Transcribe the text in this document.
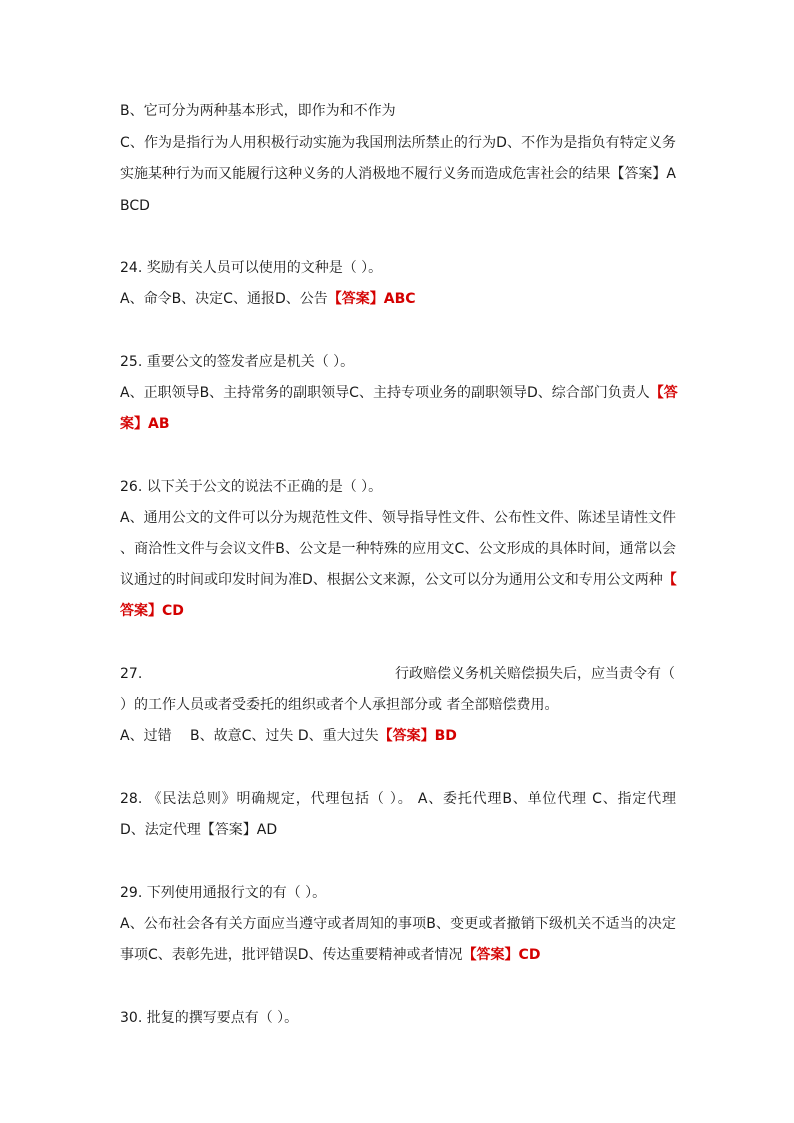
B、它可分为两种基本形式，即作为和不作为
C、作为是指行为人用积极行动实施为我国刑法所禁止的行为D、不作为是指负有特定义务
实施某种行为而又能履行这种义务的人消极地不履行义务而造成危害社会的结果【答案】A
BCD
24. 奖励有关人员可以使用的文种是（ ）。
A、命令B、决定C、通报D、公告【答案】ABC
25. 重要公文的签发者应是机关（ ）。
A、正职领导B、主持常务的副职领导C、主持专项业务的副职领导D、综合部门负责人【答
案】AB
26. 以下关于公文的说法不正确的是（ ）。
A、通用公文的文件可以分为规范性文件、领导指导性文件、公布性文件、陈述呈请性文件
、商洽性文件与会议文件B、公文是一种特殊的应用文C、公文形成的具体时间，通常以会
议通过的时间或印发时间为准D、根据公文来源，公文可以分为通用公文和专用公文两种【
答案】CD
27.	行政赔偿义务机关赔偿损失后，应当责令有（
）的工作人员或者受委托的组织或者个人承担部分或 者全部赔偿费用。
A、过错　 B、故意C、过失 D、重大过失【答案】BD
28. 《民法总则》明确规定，代理包括（ ）。 A、委托代理B、单位代理 C、指定代理
D、法定代理【答案】AD
29. 下列使用通报行文的有（ ）。
A、公布社会各有关方面应当遵守或者周知的事项B、变更或者撤销下级机关不适当的决定
事项C、表彰先进，批评错误D、传达重要精神或者情况【答案】CD
30. 批复的撰写要点有（ ）。
